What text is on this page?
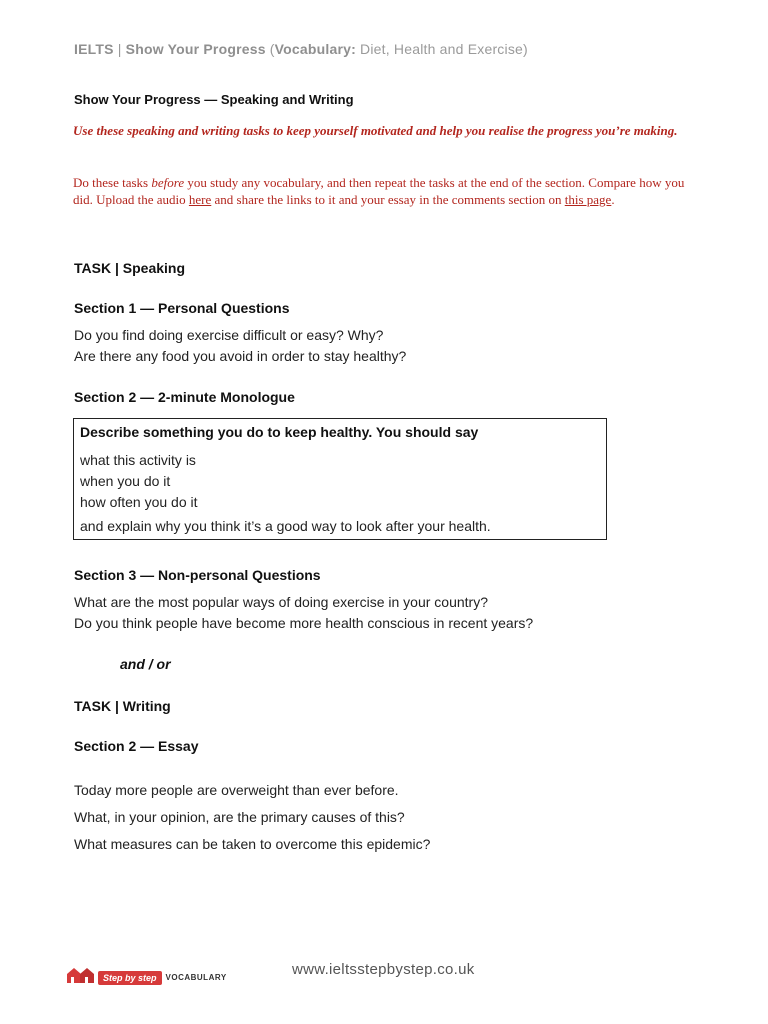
IELTS | Show Your Progress (Vocabulary: Diet, Health and Exercise)
Show Your Progress — Speaking and Writing
Use these speaking and writing tasks to keep yourself motivated and help you realise the progress you’re making.
Do these tasks before you study any vocabulary, and then repeat the tasks at the end of the section. Compare how you did. Upload the audio here and share the links to it and your essay in the comments section on this page.
TASK | Speaking
Section 1 — Personal Questions
Do you find doing exercise difficult or easy? Why?
Are there any food you avoid in order to stay healthy?
Section 2 — 2-minute Monologue
Describe something you do to keep healthy. You should say
what this activity is
when you do it
how often you do it
and explain why you think it’s a good way to look after your health.
Section 3 — Non-personal Questions
What are the most popular ways of doing exercise in your country?
Do you think people have become more health conscious in recent years?
and / or
TASK | Writing
Section 2 — Essay
Today more people are overweight than ever before.
What, in your opinion, are the primary causes of this?
What measures can be taken to overcome this epidemic?
Step by step VOCABULARY	www.ieltsstepbystep.co.uk
